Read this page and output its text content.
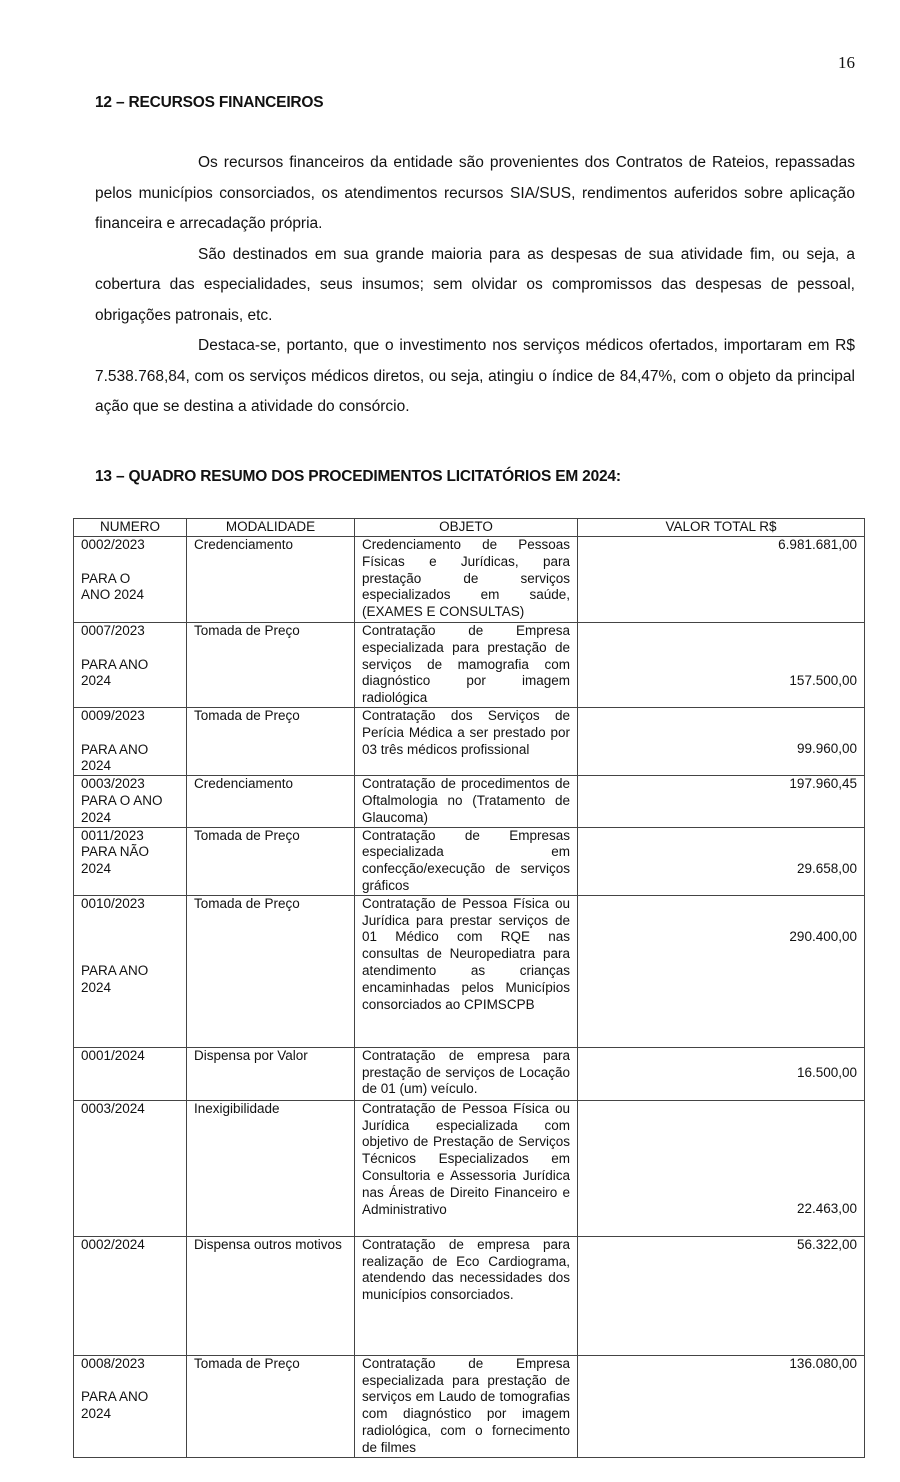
16
12 – RECURSOS FINANCEIROS

Os recursos financeiros da entidade são provenientes dos Contratos de Rateios, repassadas pelos municípios consorciados, os atendimentos recursos SIA/SUS, rendimentos auferidos sobre aplicação financeira e arrecadação própria.

São destinados em sua grande maioria para as despesas de sua atividade fim, ou seja, a cobertura das especialidades, seus insumos; sem olvidar os compromissos das despesas de pessoal, obrigações patronais, etc.

Destaca-se, portanto, que o investimento nos serviços médicos ofertados, importaram em R$ 7.538.768,84, com os serviços médicos diretos, ou seja, atingiu o índice de 84,47%, com o objeto da principal ação que se destina a atividade do consórcio.

13 – QUADRO RESUMO DOS PROCEDIMENTOS LICITATÓRIOS EM 2024:
NUMERO	MODALIDADE	OBJETO	VALOR TOTAL R$

0002/2023
PARA O
ANO 2024	Credenciamento	Credenciamento de Pessoas Físicas e Jurídicas, para prestação de serviços especializados em saúde, (EXAMES E CONSULTAS)	6.981.681,00

0007/2023
PARA ANO
2024	Tomada de Preço	Contratação de Empresa especializada para prestação de serviços de mamografia com diagnóstico por imagem radiológica	157.500,00

0009/2023
PARA ANO
2024	Tomada de Preço	Contratação dos Serviços de Perícia Médica a ser prestado por 03 três médicos profissional	99.960,00

0003/2023
PARA O ANO
2024	Credenciamento	Contratação de procedimentos de Oftalmologia no (Tratamento de Glaucoma)	197.960,45

0011/2023
PARA NÃO
2024	Tomada de Preço	Contratação de Empresas especializada em confecção/execução de serviços gráficos	29.658,00

0010/2023
PARA ANO
2024	Tomada de Preço	Contratação de Pessoa Física ou Jurídica para prestar serviços de 01 Médico com RQE nas consultas de Neuropediatra para atendimento as crianças encaminhadas pelos Municípios consorciados ao CPIMSCPB	290.400,00
0001/2024	Dispensa por Valor	Contratação de empresa para prestação de serviços de Locação de 01 (um) veículo.	16.500,00
0003/2024	Inexigibilidade	Contratação de Pessoa Física ou Jurídica especializada com objetivo de Prestação de Serviços Técnicos Especializados em Consultoria e Assessoria Jurídica nas Áreas de Direito Financeiro e Administrativo	22.463,00
0002/2024	Dispensa outros motivos	Contratação de empresa para realização de Eco Cardiograma, atendendo das necessidades dos municípios consorciados.	56.322,00

0008/2023
PARA ANO
2024	Tomada de Preço	Contratação de Empresa especializada para prestação de serviços em Laudo de tomografias com diagnóstico por imagem radiológica, com o fornecimento de filmes	136.080,00
